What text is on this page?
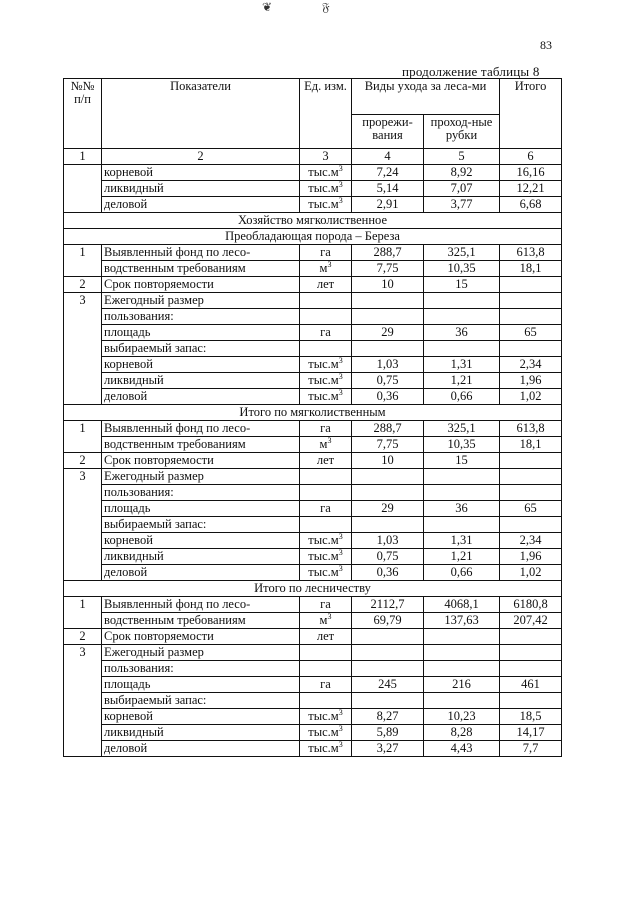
❦	𝔉
83
продолжение таблицы 8
№№ п/п	Показатели	Ед. изм.	Виды ухода за леса-ми		Итого
			прорежи-вания	проход-ные рубки	
1	2	3	4	5	6
	корневой	$тыс.м^3$	7,24	8,92	16,16
	ликвидный	$тыс.м^3$	5,14	7,07	12,21
	деловой	$тыс.м^3$	2,91	3,77	6,68
Хозяйство мягколиственное					
Преобладающая порода – Береза					
1	Выявленный фонд по лесо-	га	288,7	325,1	613,8
	водственным требованиям	$м^3$	7,75	10,35	18,1
2	Срок повторяемости	лет	10	15	
3	Ежегодный размер				
	пользования:				
	площадь	га	29	36	65
	выбираемый запас:				
	корневой	$тыс.м^3$	1,03	1,31	2,34
	ликвидный	$тыс.м^3$	0,75	1,21	1,96
	деловой	$тыс.м^3$	0,36	0,66	1,02
Итого по мягколиственным					
1	Выявленный фонд по лесо-	га	288,7	325,1	613,8
	водственным требованиям	$м^3$	7,75	10,35	18,1
2	Срок повторяемости	лет	10	15	
3	Ежегодный размер				
	пользования:				
	площадь	га	29	36	65
	выбираемый запас:				
	корневой	$тыс.м^3$	1,03	1,31	2,34
	ликвидный	$тыс.м^3$	0,75	1,21	1,96
	деловой	$тыс.м^3$	0,36	0,66	1,02
Итого по лесничеству					
1	Выявленный фонд по лесо-	га	2112,7	4068,1	6180,8
	водственным требованиям	$м^3$	69,79	137,63	207,42
2	Срок повторяемости	лет			
3	Ежегодный размер				
	пользования:				
	площадь	га	245	216	461
	выбираемый запас:				
	корневой	$тыс.м^3$	8,27	10,23	18,5
	ликвидный	$тыс.м^3$	5,89	8,28	14,17
	деловой	$тыс.м^3$	3,27	4,43	7,7
